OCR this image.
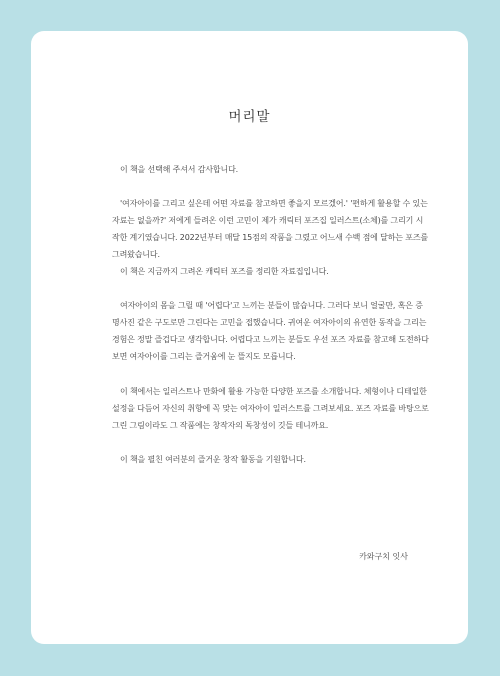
머리말

이 책을 선택해 주셔서 감사합니다.

'여자아이를 그리고 싶은데 어떤 자료를 참고하면 좋을지 모르겠어.' '편하게 활용할 수 있는 자료는 없을까?' 저에게 들려온 이런 고민이 제가 캐릭터 포즈집 일러스트(소체)를 그리기 시작한 계기였습니다. 2022년부터 매달 15점의 작품을 그렸고 어느새 수백 점에 달하는 포즈를 그려왔습니다.

이 책은 지금까지 그려온 캐릭터 포즈를 정리한 자료집입니다.

여자아이의 몸을 그릴 때 '어렵다'고 느끼는 분들이 많습니다. 그러다 보니 얼굴만, 혹은 증명사진 같은 구도로만 그린다는 고민을 접했습니다. 귀여운 여자아이의 유연한 동작을 그리는 경험은 정말 즐겁다고 생각합니다. 어렵다고 느끼는 분들도 우선 포즈 자료를 참고해 도전하다 보면 여자아이를 그리는 즐거움에 눈 뜰지도 모릅니다.

이 책에서는 일러스트나 만화에 활용 가능한 다양한 포즈를 소개합니다. 체형이나 디테일한 설정을 다듬어 자신의 취향에 꼭 맞는 여자아이 일러스트를 그려보세요. 포즈 자료를 바탕으로 그린 그림이라도 그 작품에는 창작자의 독창성이 깃들 테니까요.

이 책을 펼친 여러분의 즐거운 창작 활동을 기원합니다.

카와구치 잇사
